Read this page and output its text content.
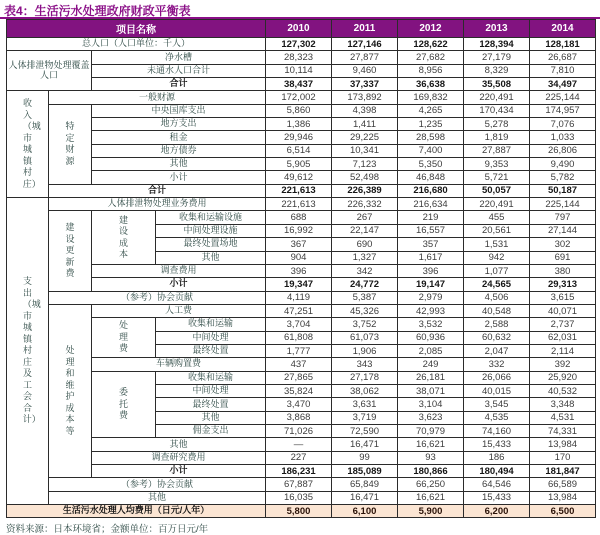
表4：生活污水处理政府财政平衡表
项目名称				2010	2011	2012	2013	2014
总人口（人口单位：千人）				127,302	127,146	128,622	128,394	128,181
人体排泄物处理覆盖人口		净水槽		28,323	27,877	27,682	27,179	26,687
		未通水人口合计		10,114	9,460	8,956	8,329	7,810
		合计		38,437	37,337	36,638	35,508	34,497
收入（城市城镇村庄）	一般财源			172,002	173,892	169,832	220,491	225,144
	特定财源	中央国库支出		5,860	4,398	4,265	170,434	174,957
		地方支出		1,386	1,411	1,235	5,278	7,076
		租金		29,946	29,225	28,598	1,819	1,033
		地方债券		6,514	10,341	7,400	27,887	26,806
		其他		5,905	7,123	5,350	9,353	9,490
		小计		49,612	52,498	46,848	5,721	5,782
	合计			221,613	226,389	216,680	50,057	50,187
支出（城市城镇村庄及工会合计）	人体排泄物处理业务费用			221,613	226,332	216,634	220,491	225,144
	建设更新费	建设成本	收集和运输设施	688	267	219	455	797
			中间处理设施	16,992	22,147	16,557	20,561	27,144
			最终处置场地	367	690	357	1,531	302
			其他	904	1,327	1,617	942	691
		调查费用		396	342	396	1,077	380
		小计		19,347	24,772	19,147	24,565	29,313
	（参考）协会贡献			4,119	5,387	2,979	4,506	3,615
	处理和维护成本等	人工费		47,251	45,326	42,993	40,548	40,071
		处理费	收集和运输	3,704	3,752	3,532	2,588	2,737
			中间处理	61,808	61,073	60,936	60,632	62,031
			最终处置	1,777	1,906	2,085	2,047	2,114
		车辆购置费		437	343	249	332	392
		委托费	收集和运输	27,865	27,178	26,181	26,066	25,920
			中间处理	35,824	38,062	38,071	40,015	40,532
			最终处置	3,470	3,631	3,104	3,545	3,348
			其他	3,868	3,719	3,623	4,535	4,531
			佣金支出	71,026	72,590	70,979	74,160	74,331
		其他		—	16,471	16,621	15,433	13,984
		调查研究费用		227	99	93	186	170
		小计		186,231	185,089	180,866	180,494	181,847
	（参考）协会贡献			67,887	65,849	66,250	64,546	66,589
	其他			16,035	16,471	16,621	15,433	13,984
生活污水处理人均费用（日元/人年）				5,800	6,100	5,900	6,200	6,500
资料来源：日本环境省；金额单位：百万日元/年
